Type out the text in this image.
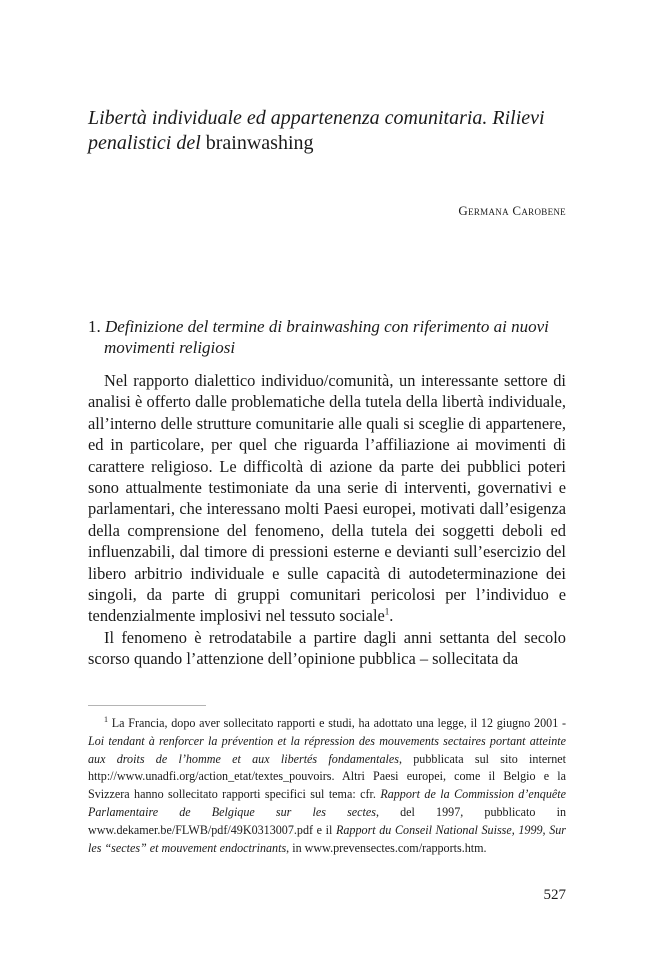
Libertà individuale ed appartenenza comunitaria. Rilievi penalistici del brainwashing
Germana Carobene
1. Definizione del termine di brainwashing con riferimento ai nuovi
movimenti religiosi

Nel rapporto dialettico individuo/comunità, un interessante settore di analisi è offerto dalle problematiche della tutela della libertà individuale, all’interno delle strutture comunitarie alle quali si sceglie di appartenere, ed in particolare, per quel che riguarda l’affiliazione ai movimenti di carattere religioso. Le difficoltà di azione da parte dei pubblici poteri sono attualmente testimoniate da una serie di interventi, governativi e parlamentari, che interessano molti Paesi europei, motivati dall’esigenza della comprensione del fenomeno, della tutela dei soggetti deboli ed influenzabili, dal timore di pressioni esterne e devianti sull’esercizio del libero arbitrio individuale e sulle capacità di autodeterminazione dei singoli, da parte di gruppi comunitari pericolosi per l’individuo e tendenzialmente implosivi nel tessuto sociale$^1$.

Il fenomeno è retrodatabile a partire dagli anni settanta del secolo scorso quando l’attenzione dell’opinione pubblica – sollecitata da

$^1$ La Francia, dopo aver sollecitato rapporti e studi, ha adottato una legge, il 12 giugno 2001 - Loi tendant à renforcer la prévention et la répression des mouvements sectaires portant atteinte aux droits de l’homme et aux libertés fondamentales, pubblicata sul sito internet http://www.unadfi.org/action_etat/textes_pouvoirs. Altri Paesi europei, come il Belgio e la Svizzera hanno sollecitato rapporti specifici sul tema: cfr. Rapport de la Commission d’enquête Parlamentaire de Belgique sur les sectes, del 1997, pubblicato in www.dekamer.be/FLWB/pdf/49K0313007.pdf e il Rapport du Conseil National Suisse, 1999, Sur les “sectes” et mouvement endoctrinants, in www.prevensectes.com/rapports.htm.

527
